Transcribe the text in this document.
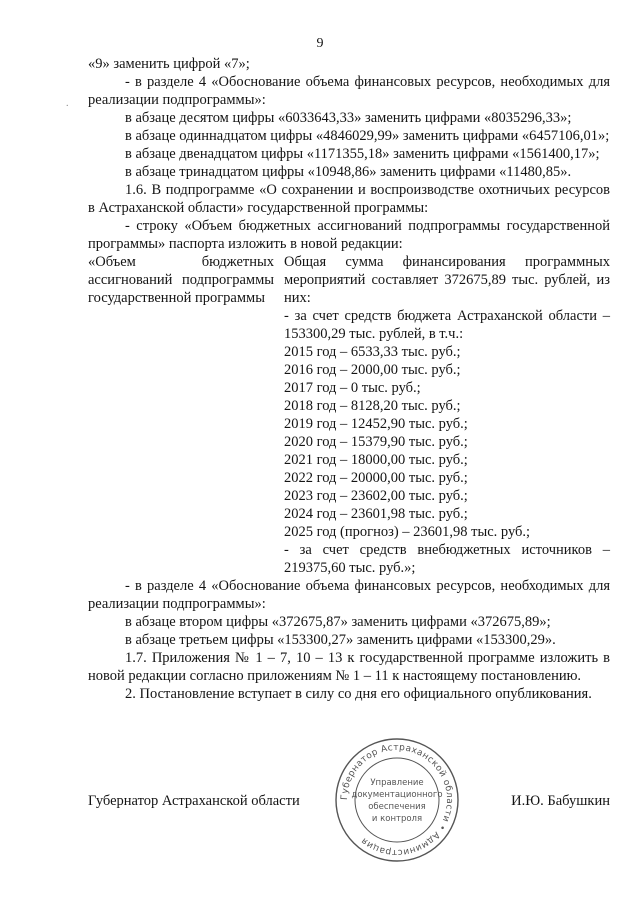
9
.

«9» заменить цифрой «7»;

- в разделе 4 «Обоснование объема финансовых ресурсов, необходимых для реализации подпрограммы»:

в абзаце десятом цифры «6033643,33» заменить цифрами «8035296,33»;

в абзаце одиннадцатом цифры «4846029,99» заменить цифрами «6457106,01»;

в абзаце двенадцатом цифры «1171355,18» заменить цифрами «1561400,17»;

в абзаце тринадцатом цифры «10948,86» заменить цифрами «11480,85».

1.6. В подпрограмме «О сохранении и воспроизводстве охотничьих ресурсов в Астраханской области» государственной программы:

- строку «Объем бюджетных ассигнований подпрограммы государственной программы» паспорта изложить в новой редакции:

«Объем бюджетных ассигнований подпрограммы государственной программы

Общая сумма финансирования программных мероприятий составляет 372675,89 тыс. рублей, из них:

- за счет средств бюджета Астраханской области – 153300,29 тыс. рублей, в т.ч.:

2015 год – 6533,33 тыс. руб.;

2016 год – 2000,00 тыс. руб.;

2017 год – 0 тыс. руб.;

2018 год – 8128,20 тыс. руб.;

2019 год – 12452,90 тыс. руб.;

2020 год – 15379,90 тыс. руб.;

2021 год – 18000,00 тыс. руб.;

2022 год – 20000,00 тыс. руб.;

2023 год – 23602,00 тыс. руб.;

2024 год – 23601,98 тыс. руб.;

2025 год (прогноз) – 23601,98 тыс. руб.;

- за счет средств внебюджетных источников – 219375,60 тыс. руб.»;

- в разделе 4 «Обоснование объема финансовых ресурсов, необходимых для реализации подпрограммы»:

в абзаце втором цифры «372675,87» заменить цифрами «372675,89»;

в абзаце третьем цифры «153300,27» заменить цифрами «153300,29».

1.7. Приложения № 1 – 7, 10 – 13 к государственной программе изложить в новой редакции согласно приложениям № 1 – 11 к настоящему постановлению.

2. Постановление вступает в силу со дня его официального опубликования.

Губернатор Астраханской области	И.Ю. Бабушкин
Губернатор Астраханской области • Администрация
Управление
документационного
обеспечения
и контроля
